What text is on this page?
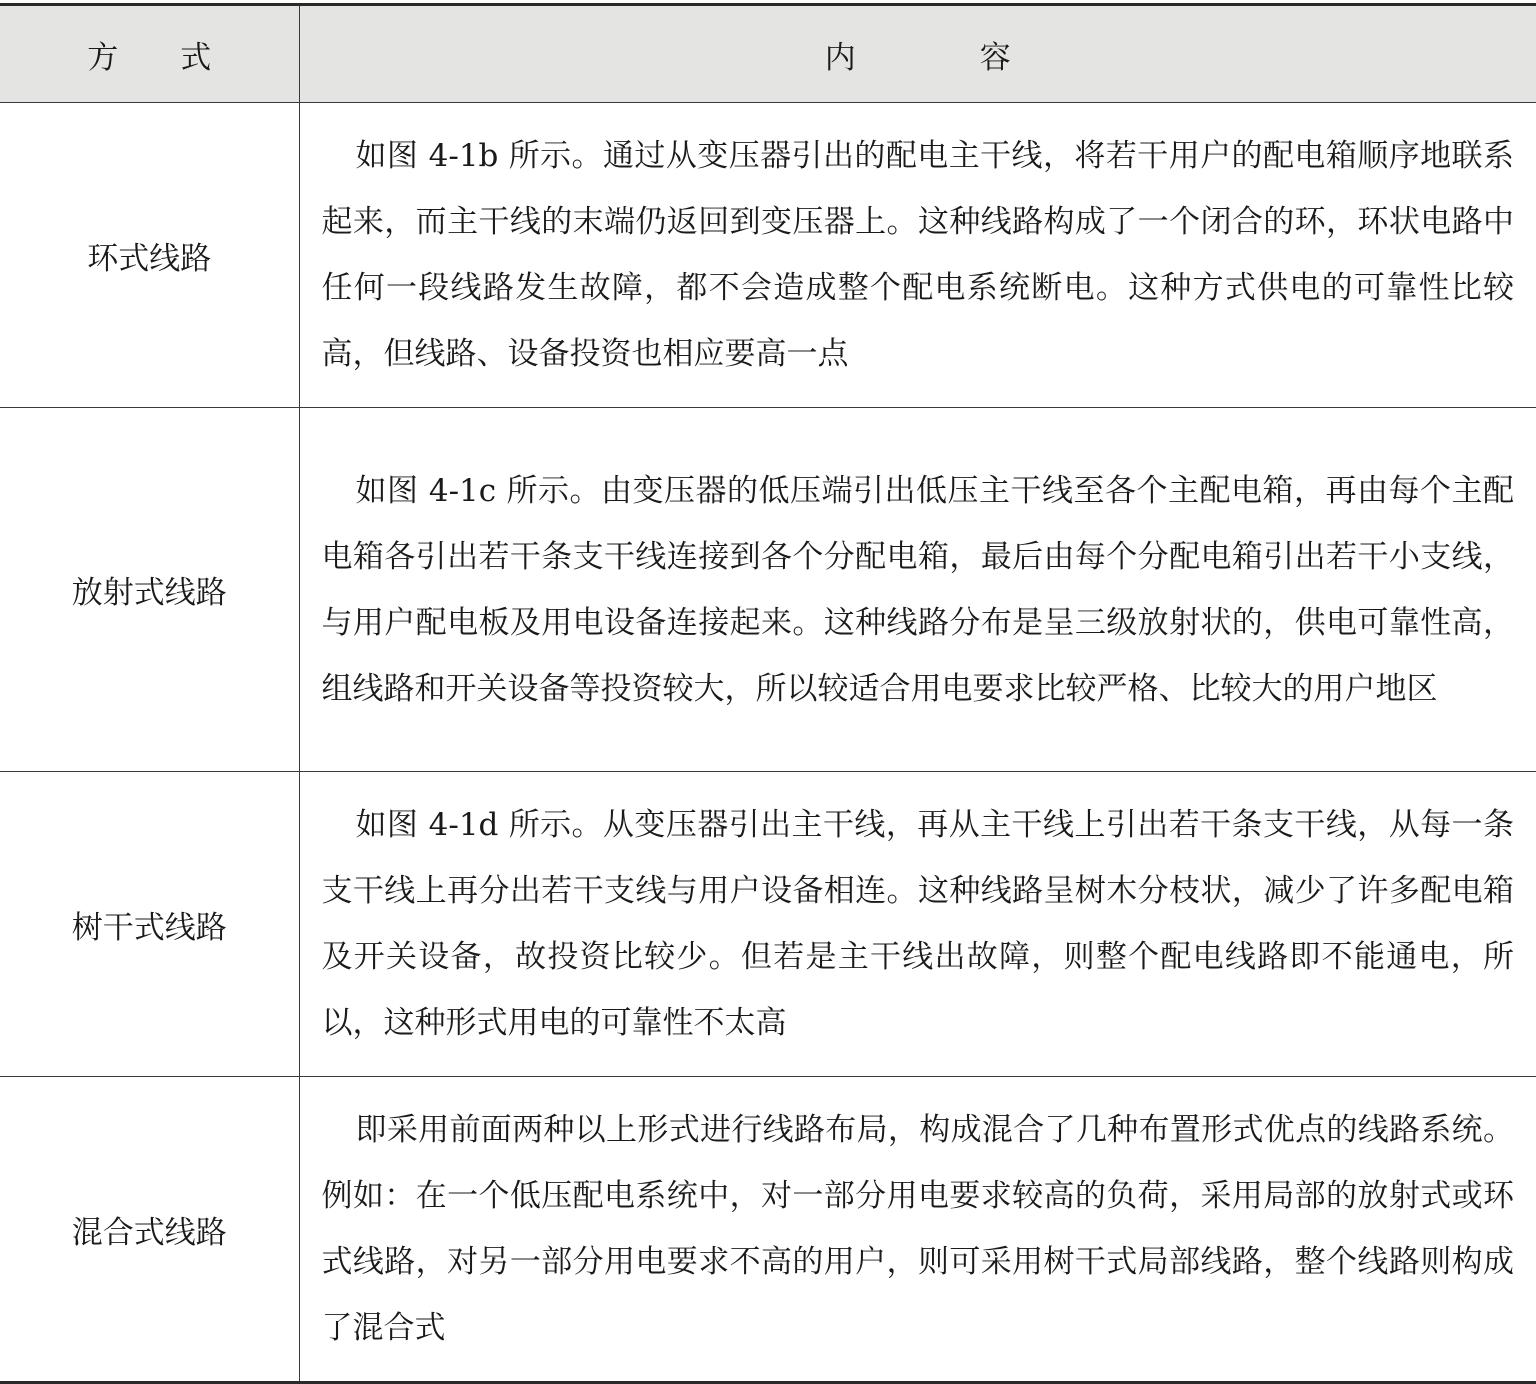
方　　式	内　　　　容
环式线路	如图 4-1b 所示。通过从变压器引出的配电主干线，将若干用户的配电箱顺序地联系起来，而主干线的末端仍返回到变压器上。这种线路构成了一个闭合的环，环状电路中任何一段线路发生故障，都不会造成整个配电系统断电。这种方式供电的可靠性比较高，但线路、设备投资也相应要高一点
放射式线路	如图 4-1c 所示。由变压器的低压端引出低压主干线至各个主配电箱，再由每个主配电箱各引出若干条支干线连接到各个分配电箱，最后由每个分配电箱引出若干小支线，与用户配电板及用电设备连接起来。这种线路分布是呈三级放射状的，供电可靠性高，组线路和开关设备等投资较大，所以较适合用电要求比较严格、比较大的用户地区
树干式线路	如图 4-1d 所示。从变压器引出主干线，再从主干线上引出若干条支干线，从每一条支干线上再分出若干支线与用户设备相连。这种线路呈树木分枝状，减少了许多配电箱及开关设备，故投资比较少。但若是主干线出故障，则整个配电线路即不能通电，所以，这种形式用电的可靠性不太高
混合式线路	即采用前面两种以上形式进行线路布局，构成混合了几种布置形式优点的线路系统。例如：在一个低压配电系统中，对一部分用电要求较高的负荷，采用局部的放射式或环式线路，对另一部分用电要求不高的用户，则可采用树干式局部线路，整个线路则构成了混合式
